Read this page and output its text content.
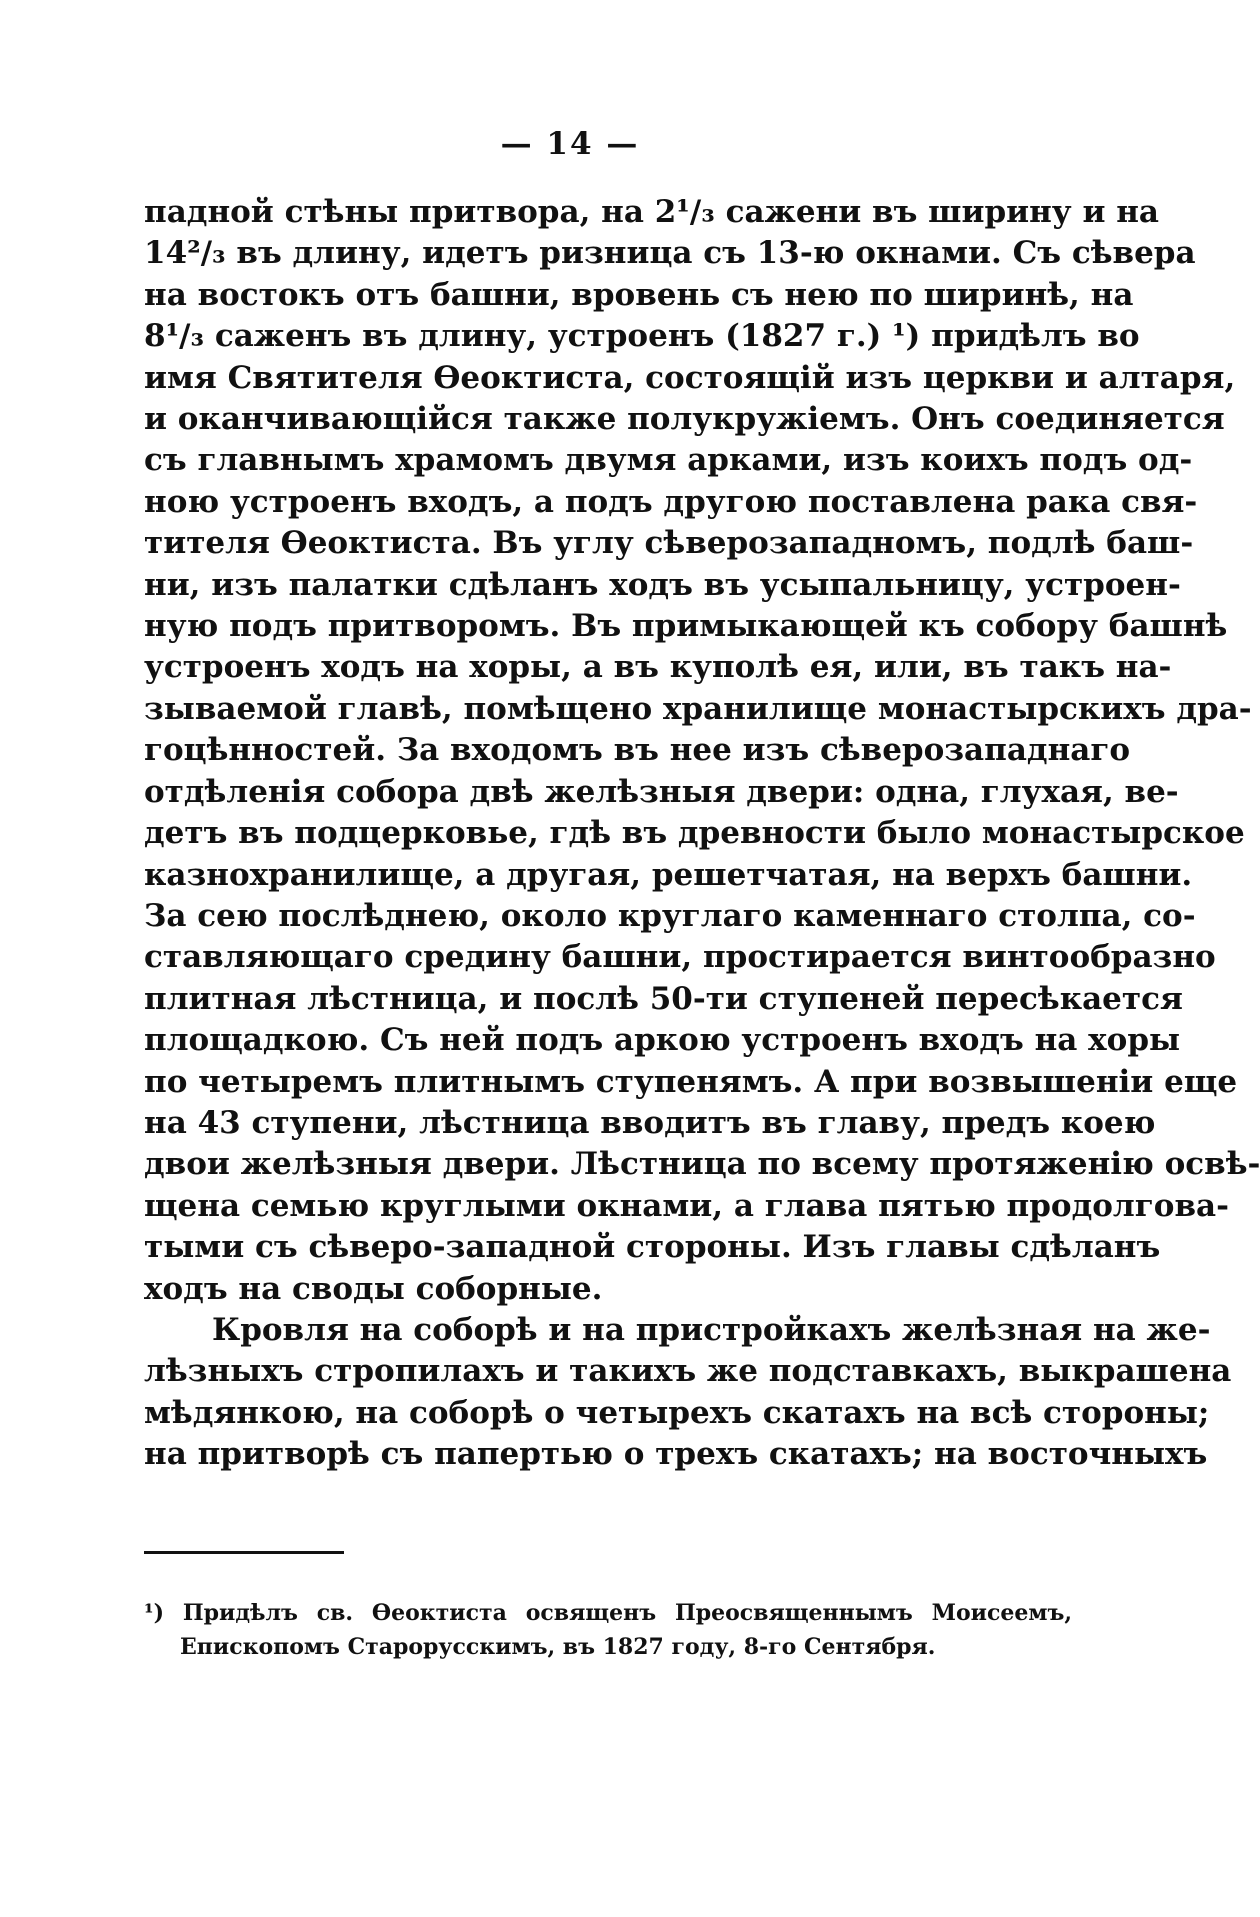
— 14 —
падной стѣны притвора, на 2¹/₃ сажени въ ширину и на
14²/₃ въ длину, идетъ ризница съ 13-ю окнами. Съ сѣвера
на востокъ отъ башни, вровень съ нею по ширинѣ, на
8¹/₃ саженъ въ длину, устроенъ (1827 г.) ¹) придѣлъ во
имя Святителя Ѳеоктиста, состоящій изъ церкви и алтаря,
и оканчивающійся также полукружіемъ. Онъ соединяется
съ главнымъ храмомъ двумя арками, изъ коихъ подъ од-
ною устроенъ входъ, а подъ другою поставлена рака свя-
тителя Ѳеоктиста. Въ углу сѣверозападномъ, подлѣ баш-
ни, изъ палатки сдѣланъ ходъ въ усыпальницу, устроен-
ную подъ притворомъ. Въ примыкающей къ собору башнѣ
устроенъ ходъ на хоры, а въ куполѣ ея, или, въ такъ на-
зываемой главѣ, помѣщено хранилище монастырскихъ дра-
гоцѣнностей. За входомъ въ нее изъ сѣверозападнаго
отдѣленія собора двѣ желѣзныя двери: одна, глухая, ве-
детъ въ подцерковье, гдѣ въ древности было монастырское
казнохранилище, а другая, решетчатая, на верхъ башни.
За сею послѣднею, около круглаго каменнаго столпа, со-
ставляющаго средину башни, простирается винтообразно
плитная лѣстница, и послѣ 50-ти ступеней пересѣкается
площадкою. Съ ней подъ аркою устроенъ входъ на хоры
по четыремъ плитнымъ ступенямъ. А при возвышеніи еще
на 43 ступени, лѣстница вводитъ въ главу, предъ коею
двои желѣзныя двери. Лѣстница по всему протяженію освѣ-
щена семью круглыми окнами, а глава пятью продолгова-
тыми съ сѣверо-западной стороны. Изъ главы сдѣланъ
ходъ на своды соборные.
Кровля на соборѣ и на пристройкахъ желѣзная на же-
лѣзныхъ стропилахъ и такихъ же подставкахъ, выкрашена
мѣдянкою, на соборѣ о четырехъ скатахъ на всѣ стороны;
на притворѣ съ папертью о трехъ скатахъ; на восточныхъ
¹) Придѣлъ св. Ѳеоктиста освященъ Преосвященнымъ Моисеемъ,
Епископомъ Старорусскимъ, въ 1827 году, 8-го Сентября.
